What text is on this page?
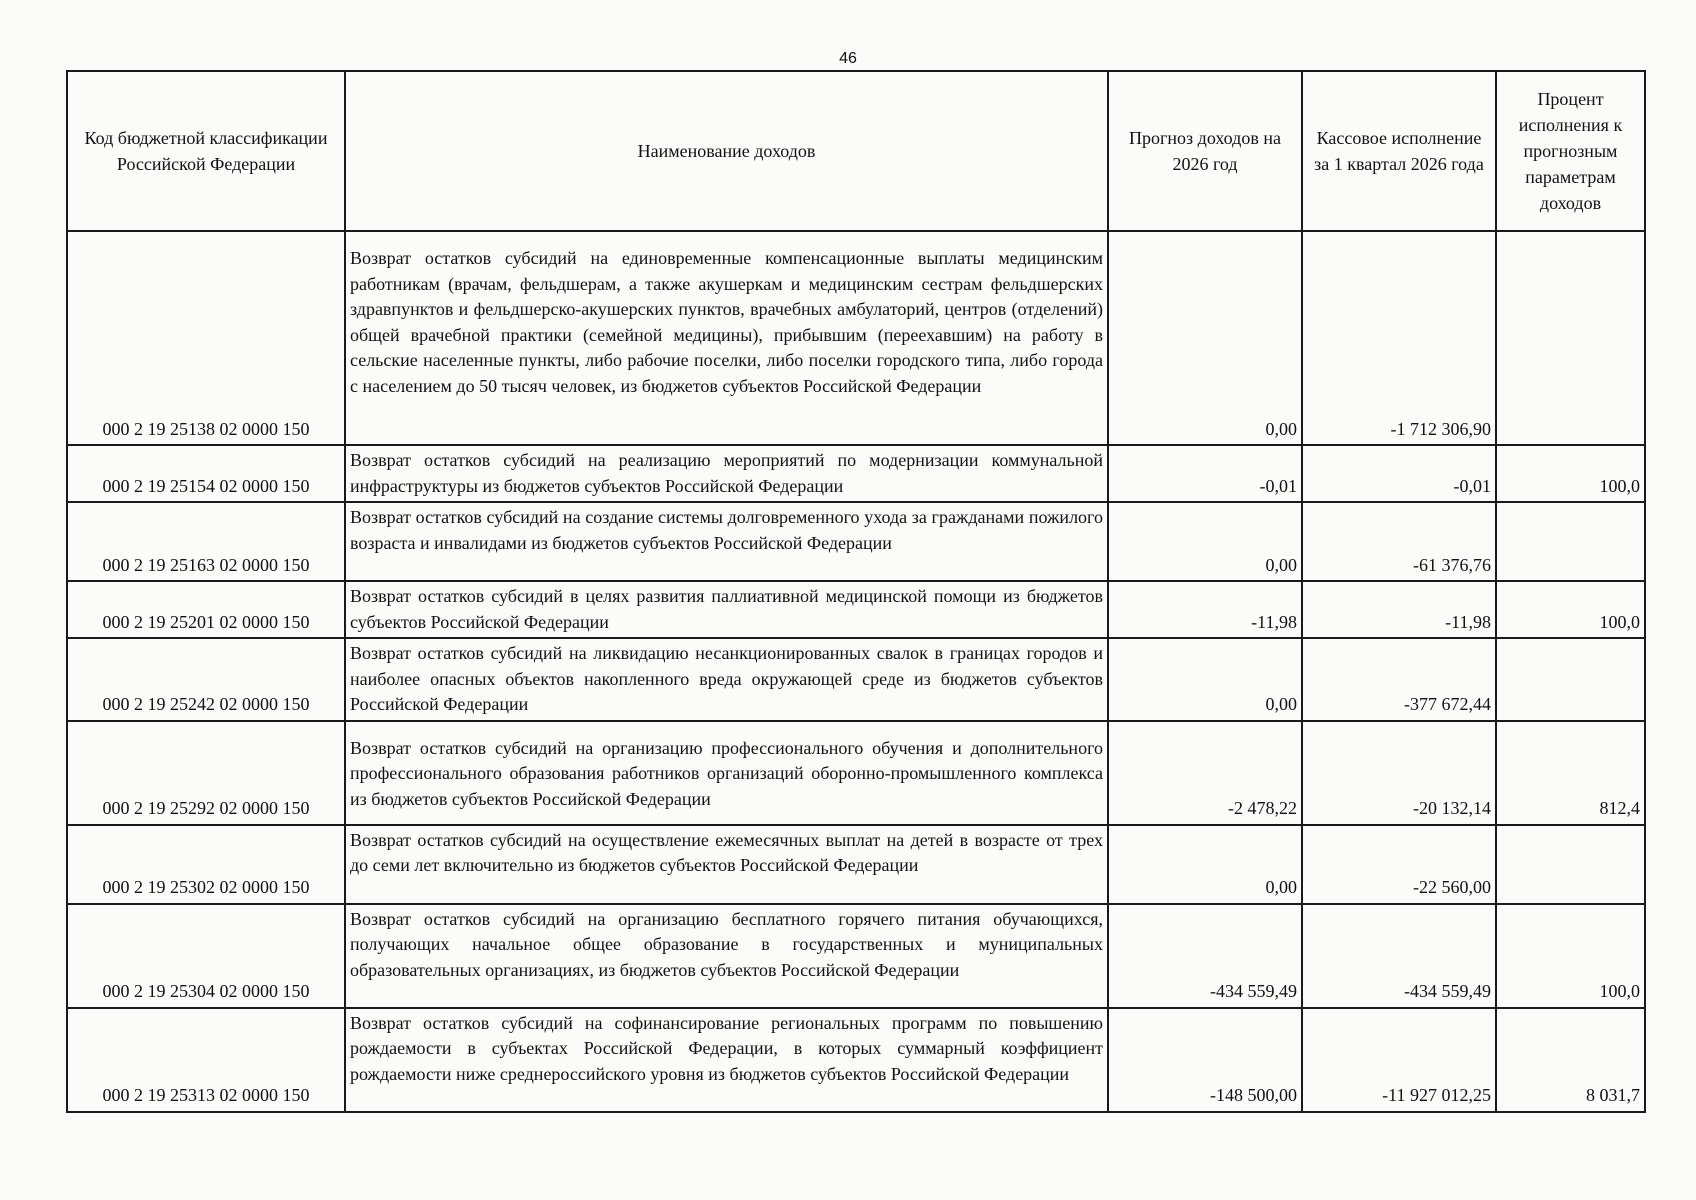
46
Код бюджетной классификации Российской Федерации	Наименование доходов	Прогноз доходов на 2026 год	Кассовое исполнение за 1 квартал 2026 года	Процент исполнения к прогнозным параметрам доходов
000 2 19 25138 02 0000 150	Возврат остатков субсидий на единовременные компенсационные выплаты медицинским работникам (врачам, фельдшерам, а также акушеркам и медицинским сестрам фельдшерских здравпунктов и фельдшерско-акушерских пунктов, врачебных амбулаторий, центров (отделений) общей врачебной практики (семейной медицины), прибывшим (переехавшим) на работу в сельские населенные пункты, либо рабочие поселки, либо поселки городского типа, либо города с населением до 50 тысяч человек, из бюджетов субъектов Российской Федерации	0,00	-1 712 306,90	
000 2 19 25154 02 0000 150	Возврат остатков субсидий на реализацию мероприятий по модернизации коммунальной инфраструктуры из бюджетов субъектов Российской Федерации	-0,01	-0,01	100,0
000 2 19 25163 02 0000 150	Возврат остатков субсидий на создание системы долговременного ухода за гражданами пожилого возраста и инвалидами из бюджетов субъектов Российской Федерации	0,00	-61 376,76	
000 2 19 25201 02 0000 150	Возврат остатков субсидий в целях развития паллиативной медицинской помощи из бюджетов субъектов Российской Федерации	-11,98	-11,98	100,0
000 2 19 25242 02 0000 150	Возврат остатков субсидий на ликвидацию несанкционированных свалок в границах городов и наиболее опасных объектов накопленного вреда окружающей среде из бюджетов субъектов Российской Федерации	0,00	-377 672,44	
000 2 19 25292 02 0000 150	Возврат остатков субсидий на организацию профессионального обучения и дополнительного профессионального образования работников организаций оборонно-промышленного комплекса из бюджетов субъектов Российской Федерации	-2 478,22	-20 132,14	812,4
000 2 19 25302 02 0000 150	Возврат остатков субсидий на осуществление ежемесячных выплат на детей в возрасте от трех до семи лет включительно из бюджетов субъектов Российской Федерации	0,00	-22 560,00	
000 2 19 25304 02 0000 150	Возврат остатков субсидий на организацию бесплатного горячего питания обучающихся, получающих начальное общее образование в государственных и муниципальных образовательных организациях, из бюджетов субъектов Российской Федерации	-434 559,49	-434 559,49	100,0
000 2 19 25313 02 0000 150	Возврат остатков субсидий на софинансирование региональных программ по повышению рождаемости в субъектах Российской Федерации, в которых суммарный коэффициент рождаемости ниже среднероссийского уровня из бюджетов субъектов Российской Федерации	-148 500,00	-11 927 012,25	8 031,7
